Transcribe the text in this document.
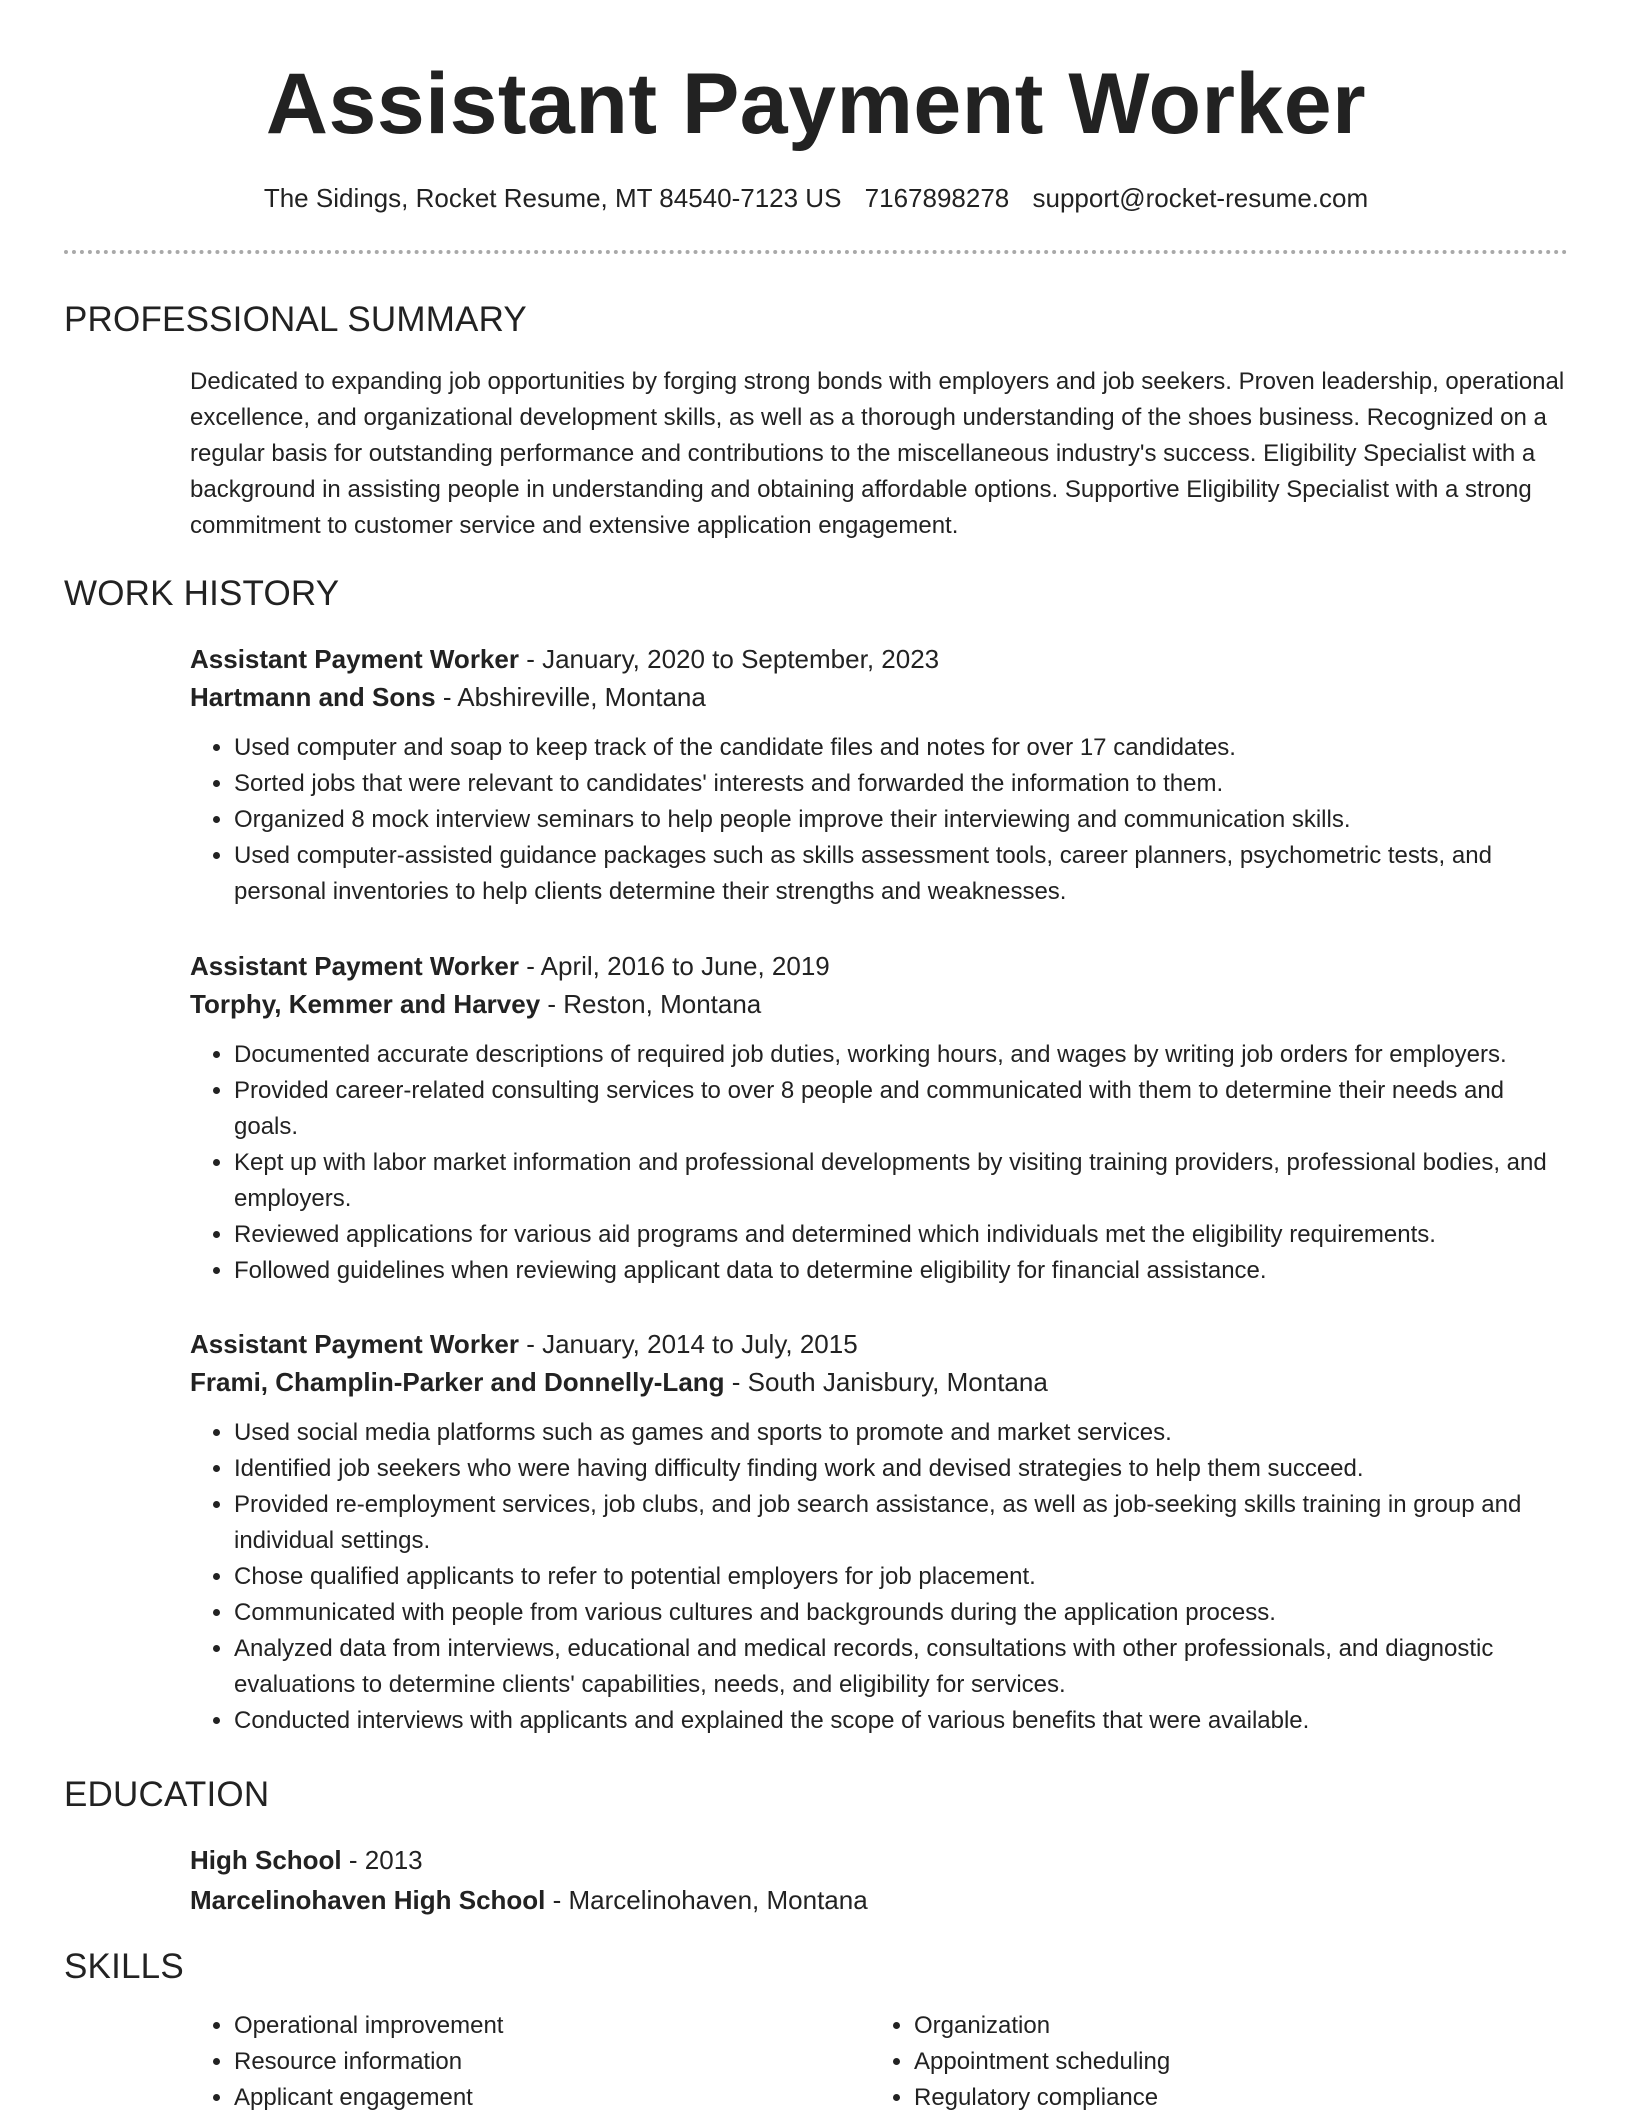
Assistant Payment Worker
The Sidings, Rocket Resume, MT 84540-7123 US 7167898278 support@rocket-resume.com
PROFESSIONAL SUMMARY

Dedicated to expanding job opportunities by forging strong bonds with employers and job seekers. Proven leadership, operational excellence, and organizational development skills, as well as a thorough understanding of the shoes business. Recognized on a regular basis for outstanding performance and contributions to the miscellaneous industry's success. Eligibility Specialist with a background in assisting people in understanding and obtaining affordable options. Supportive Eligibility Specialist with a strong commitment to customer service and extensive application engagement.

WORK HISTORY

Assistant Payment Worker - January, 2020 to September, 2023

Hartmann and Sons - Abshireville, Montana

• Used computer and soap to keep track of the candidate files and notes for over 17 candidates.
• Sorted jobs that were relevant to candidates' interests and forwarded the information to them.
• Organized 8 mock interview seminars to help people improve their interviewing and communication skills.
• Used computer-assisted guidance packages such as skills assessment tools, career planners, psychometric tests, and personal inventories to help clients determine their strengths and weaknesses.

Assistant Payment Worker - April, 2016 to June, 2019

Torphy, Kemmer and Harvey - Reston, Montana

• Documented accurate descriptions of required job duties, working hours, and wages by writing job orders for employers.
• Provided career-related consulting services to over 8 people and communicated with them to determine their needs and goals.
• Kept up with labor market information and professional developments by visiting training providers, professional bodies, and employers.
• Reviewed applications for various aid programs and determined which individuals met the eligibility requirements.
• Followed guidelines when reviewing applicant data to determine eligibility for financial assistance.

Assistant Payment Worker - January, 2014 to July, 2015

Frami, Champlin-Parker and Donnelly-Lang - South Janisbury, Montana

• Used social media platforms such as games and sports to promote and market services.
• Identified job seekers who were having difficulty finding work and devised strategies to help them succeed.
• Provided re-employment services, job clubs, and job search assistance, as well as job-seeking skills training in group and individual settings.
• Chose qualified applicants to refer to potential employers for job placement.
• Communicated with people from various cultures and backgrounds during the application process.
• Analyzed data from interviews, educational and medical records, consultations with other professionals, and diagnostic evaluations to determine clients' capabilities, needs, and eligibility for services.
• Conducted interviews with applicants and explained the scope of various benefits that were available.
EDUCATION

High School - 2013

Marcelinohaven High School - Marcelinohaven, Montana

SKILLS
• Operational improvement
• Resource information
• Applicant engagement
• Organization
• Appointment scheduling
• Regulatory compliance
